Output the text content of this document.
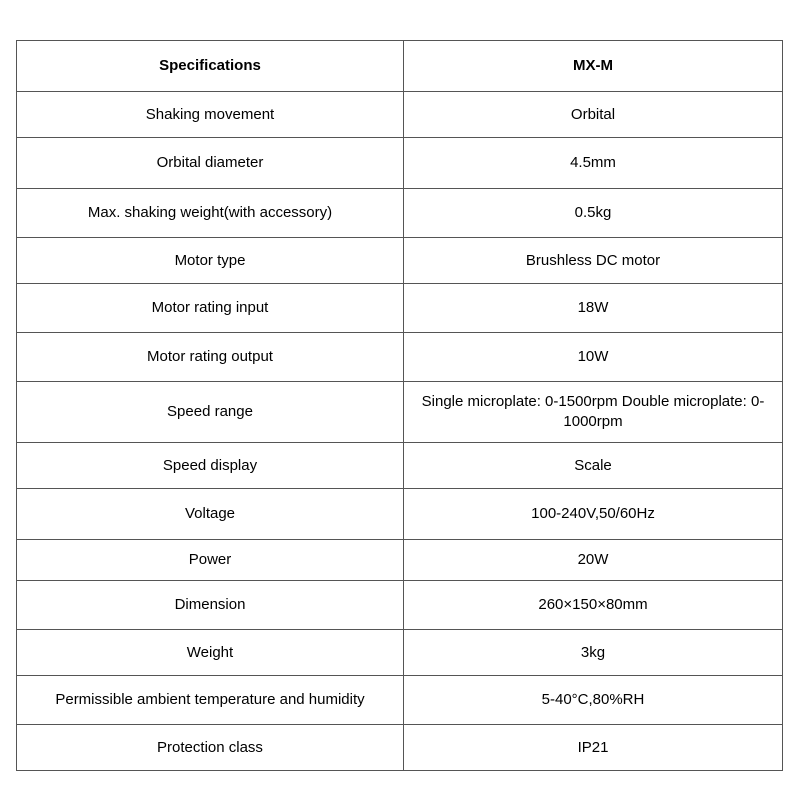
Specifications	MX-M
Shaking movement	Orbital
Orbital diameter	4.5mm
Max. shaking weight(with accessory)	0.5kg
Motor type	Brushless DC motor
Motor rating input	18W
Motor rating output	10W
Speed range	Single microplate: 0-1500rpm Double microplate: 0-1000rpm
Speed display	Scale
Voltage	100-240V,50/60Hz
Power	20W
Dimension	260×150×80mm
Weight	3kg
Permissible ambient temperature and humidity	5-40°C,80%RH
Protection class	IP21
